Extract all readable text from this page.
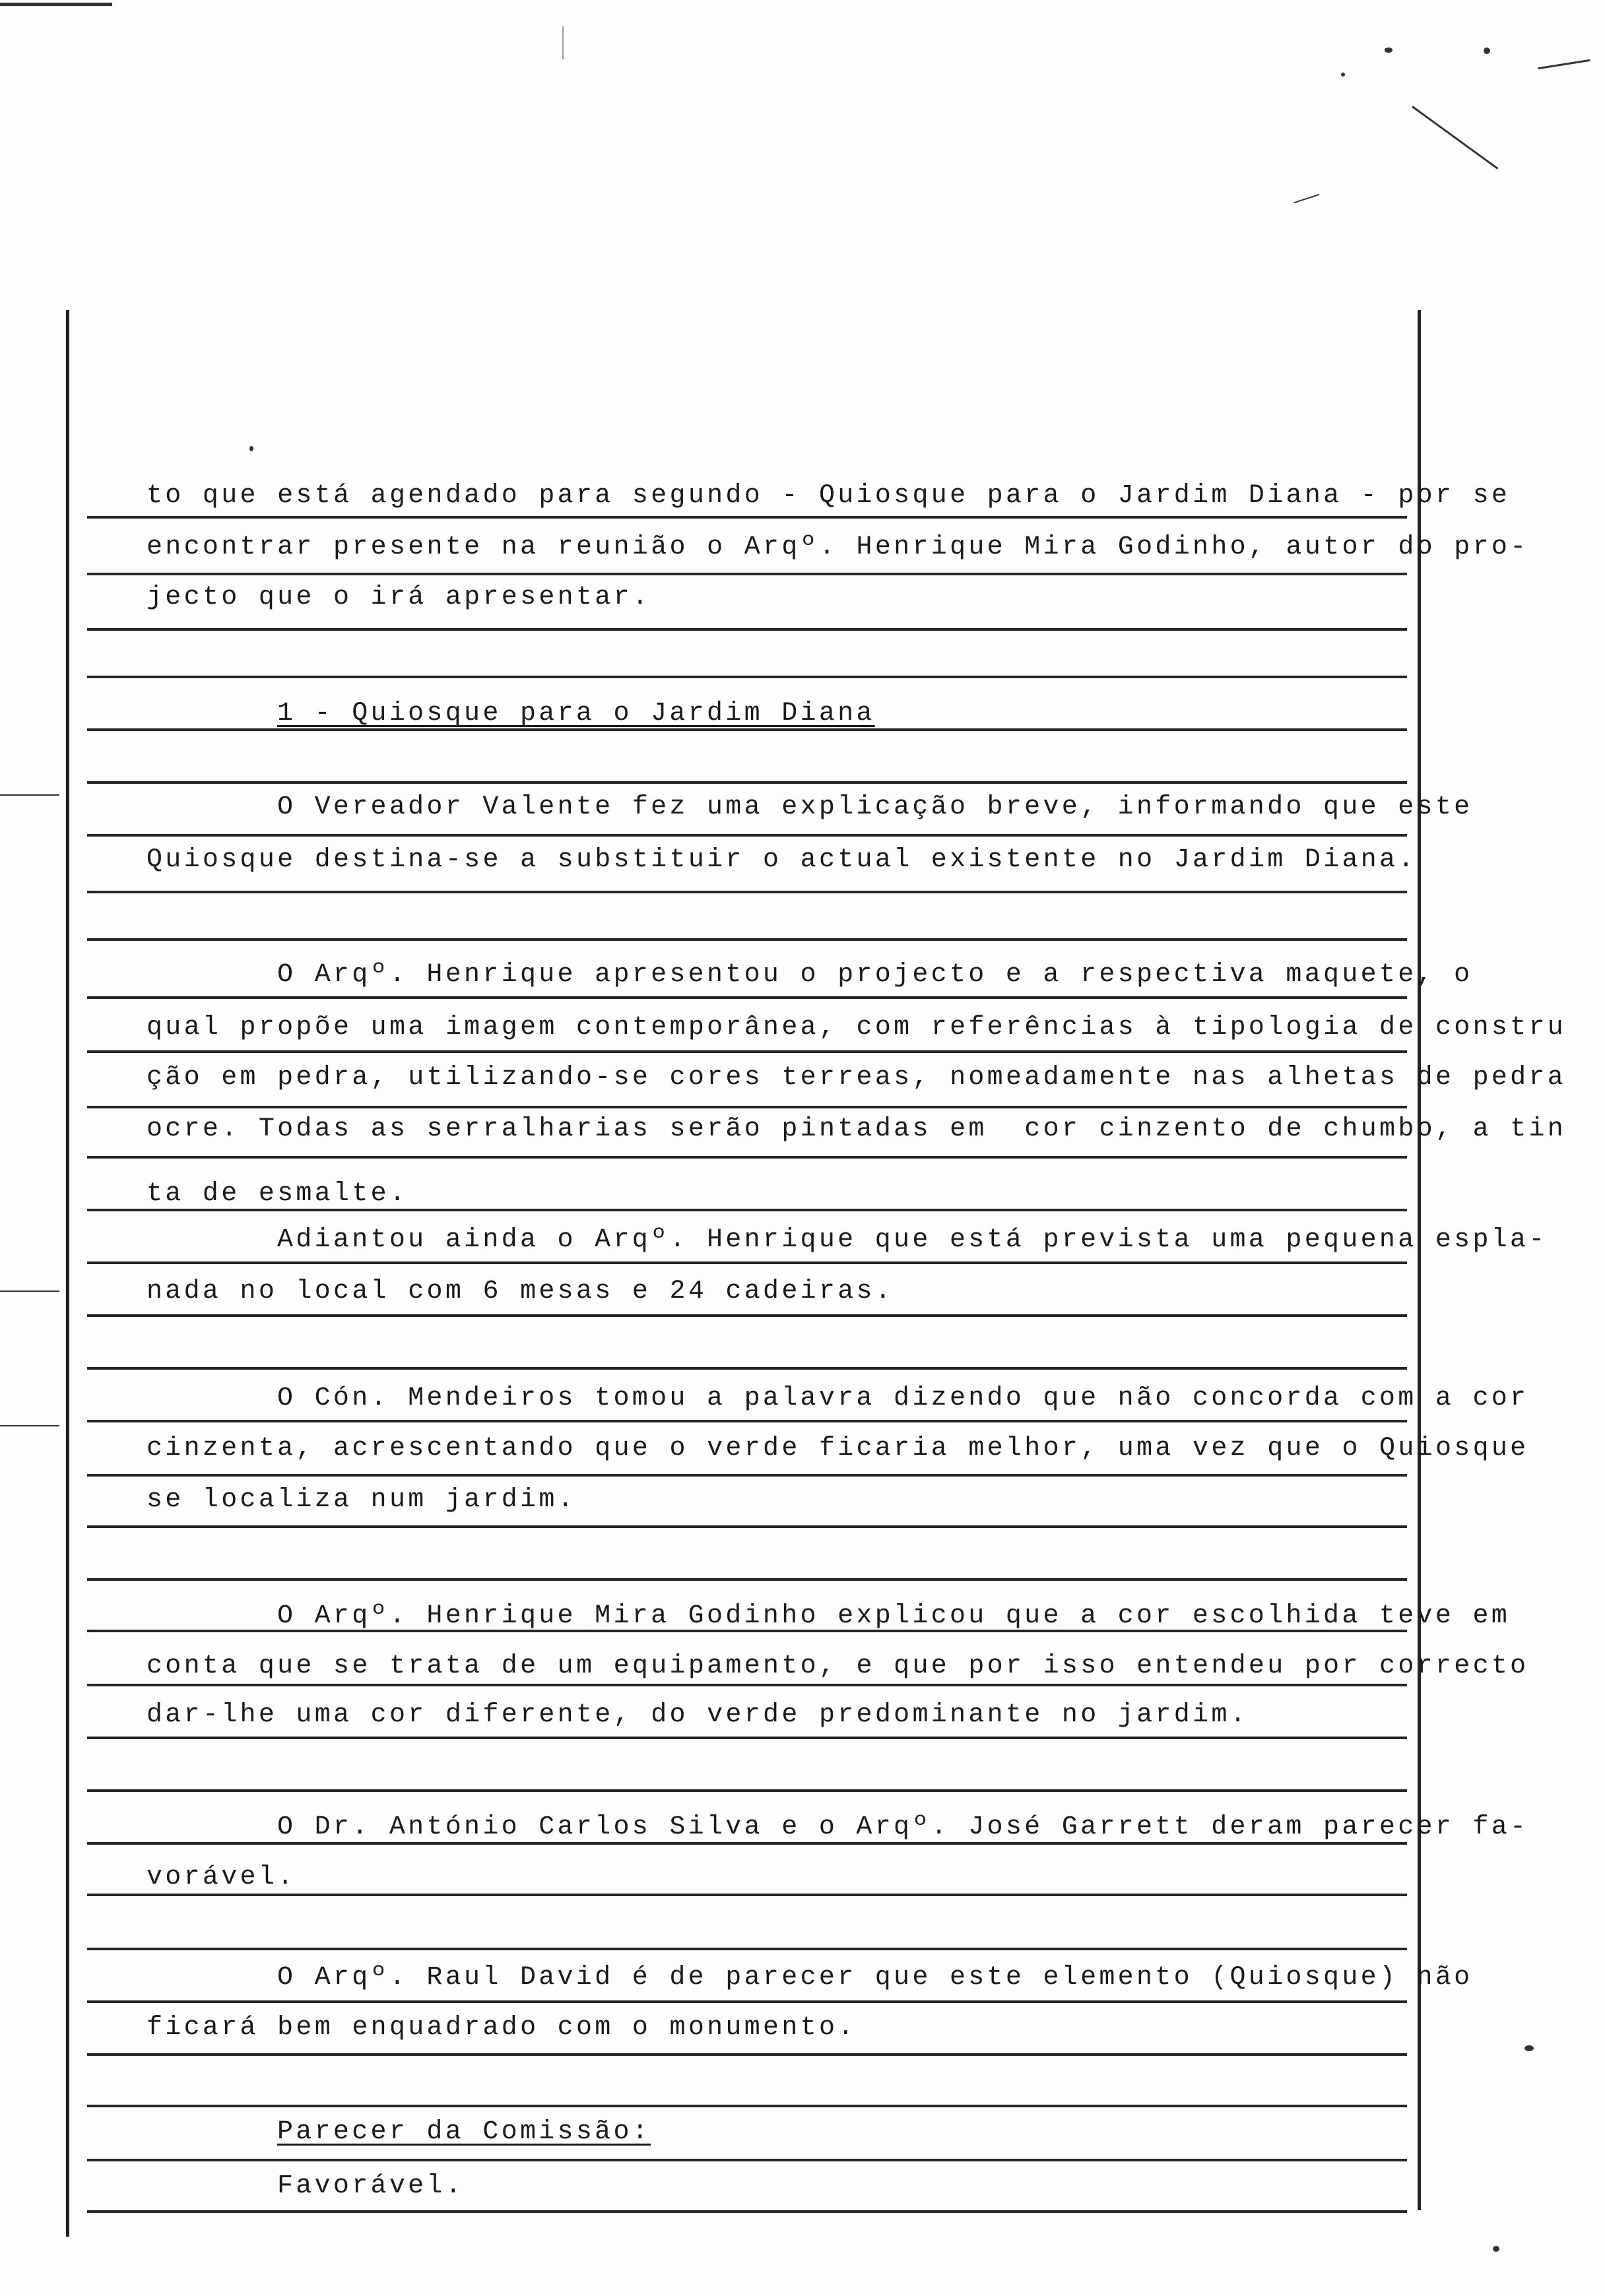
to que está agendado para segundo - Quiosque para o Jardim Diana - por se
encontrar presente na reunião o Arqº. Henrique Mira Godinho, autor do pro-
jecto que o irá apresentar.
1 - Quiosque para o Jardim Diana
O Vereador Valente fez uma explicação breve, informando que este
Quiosque destina-se a substituir o actual existente no Jardim Diana.
O Arqº. Henrique apresentou o projecto e a respectiva maquete, o
qual propõe uma imagem contemporânea, com referências à tipologia de constru
ção em pedra, utilizando-se cores terreas, nomeadamente nas alhetas de pedra
ocre. Todas as serralharias serão pintadas em  cor cinzento de chumbo, a tin
ta de esmalte.
Adiantou ainda o Arqº. Henrique que está prevista uma pequena espla-
nada no local com 6 mesas e 24 cadeiras.
O Cón. Mendeiros tomou a palavra dizendo que não concorda com a cor
cinzenta, acrescentando que o verde ficaria melhor, uma vez que o Quiosque
se localiza num jardim.
O Arqº. Henrique Mira Godinho explicou que a cor escolhida teve em
conta que se trata de um equipamento, e que por isso entendeu por correcto
dar-lhe uma cor diferente, do verde predominante no jardim.
O Dr. António Carlos Silva e o Arqº. José Garrett deram parecer fa-
vorável.
O Arqº. Raul David é de parecer que este elemento (Quiosque) não
ficará bem enquadrado com o monumento.
Parecer da Comissão:
Favorável.
